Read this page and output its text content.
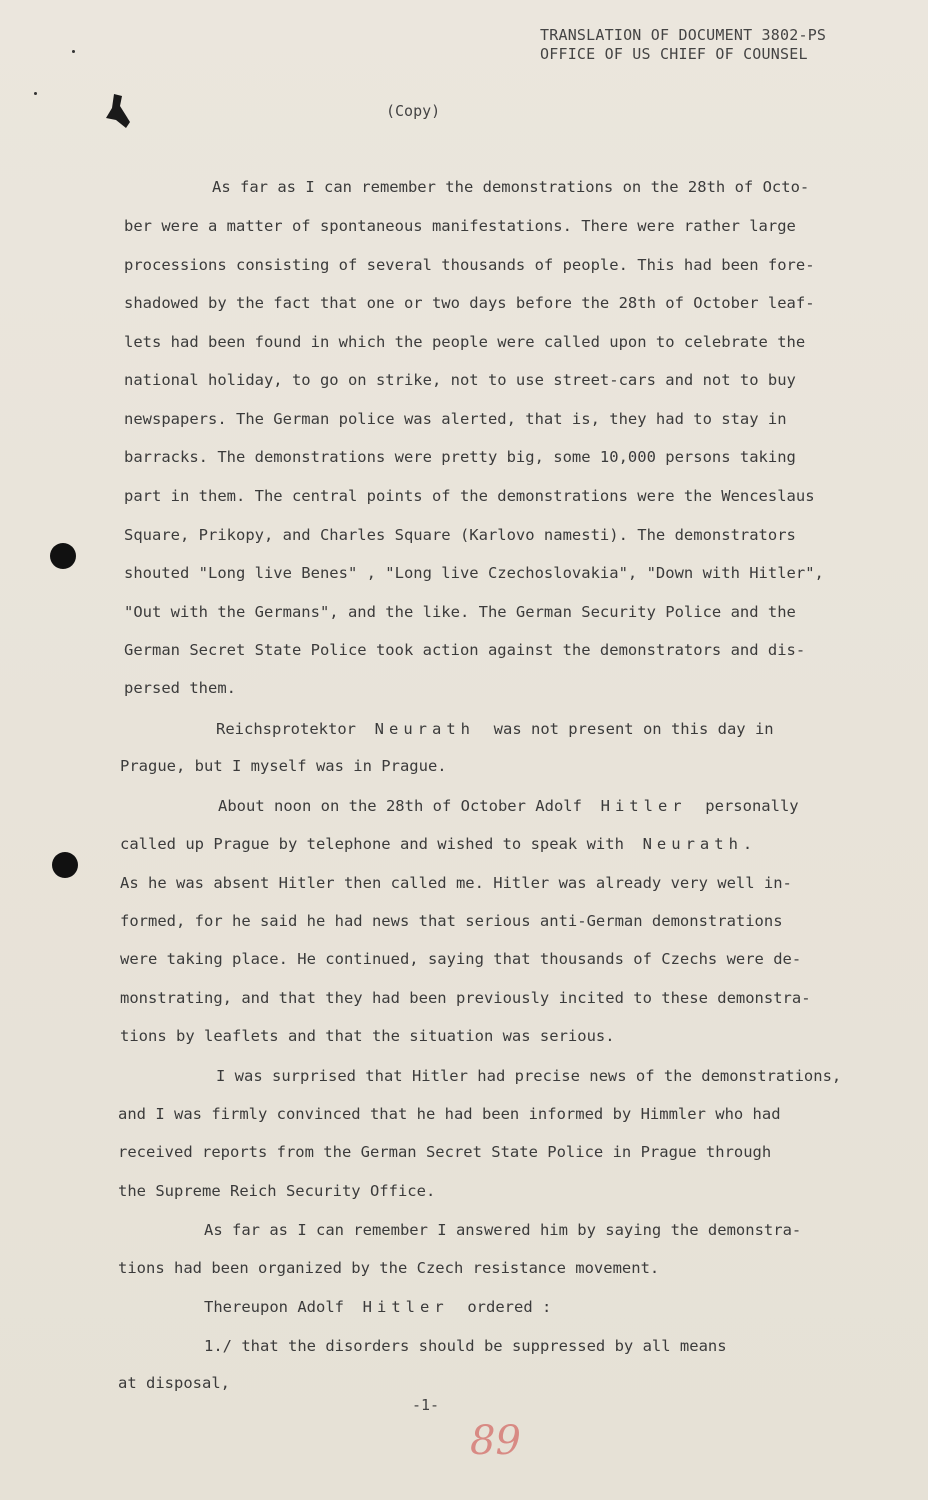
TRANSLATION OF DOCUMENT 3802-PS
OFFICE OF US CHIEF OF COUNSEL
(Copy)
As far as I can remember the demonstrations on the 28th of Octo-
ber were a matter of spontaneous manifestations. There were rather large
processions consisting of several thousands of people. This had been fore-
shadowed by the fact that one or two days before the 28th of October leaf-
lets had been found in which the people were called upon to celebrate the
national holiday, to go on strike, not to use street-cars and not to buy
newspapers. The German police was alerted, that is, they had to stay in
barracks. The demonstrations were pretty big, some 10,000 persons taking
part in them. The central points of the demonstrations were the Wenceslaus
Square, Prikopy, and Charles Square (Karlovo namesti). The demonstrators
shouted "Long live Benes" , "Long live Czechoslovakia", "Down with Hitler",
"Out with the Germans", and the like. The German Security Police and the
German Secret State Police took action against the demonstrators and dis-
persed them.
Reichsprotektor Neurath was not present on this day in
Prague, but I myself was in Prague.
About noon on the 28th of October Adolf Hitler personally
called up Prague by telephone and wished to speak with Neurath.
As he was absent Hitler then called me. Hitler was already very well in-
formed, for he said he had news that serious anti-German demonstrations
were taking place. He continued, saying that thousands of Czechs were de-
monstrating, and that they had been previously incited to these demonstra-
tions by leaflets and that the situation was serious.
I was surprised that Hitler had precise news of the demonstrations,
and I was firmly convinced that he had been informed by Himmler who had
received reports from the German Secret State Police in Prague through
the Supreme Reich Security Office.
As far as I can remember I answered him by saying the demonstra-
tions had been organized by the Czech resistance movement.
Thereupon Adolf Hitler ordered :
1./ that the disorders should be suppressed by all means
at disposal,
-1-
89
